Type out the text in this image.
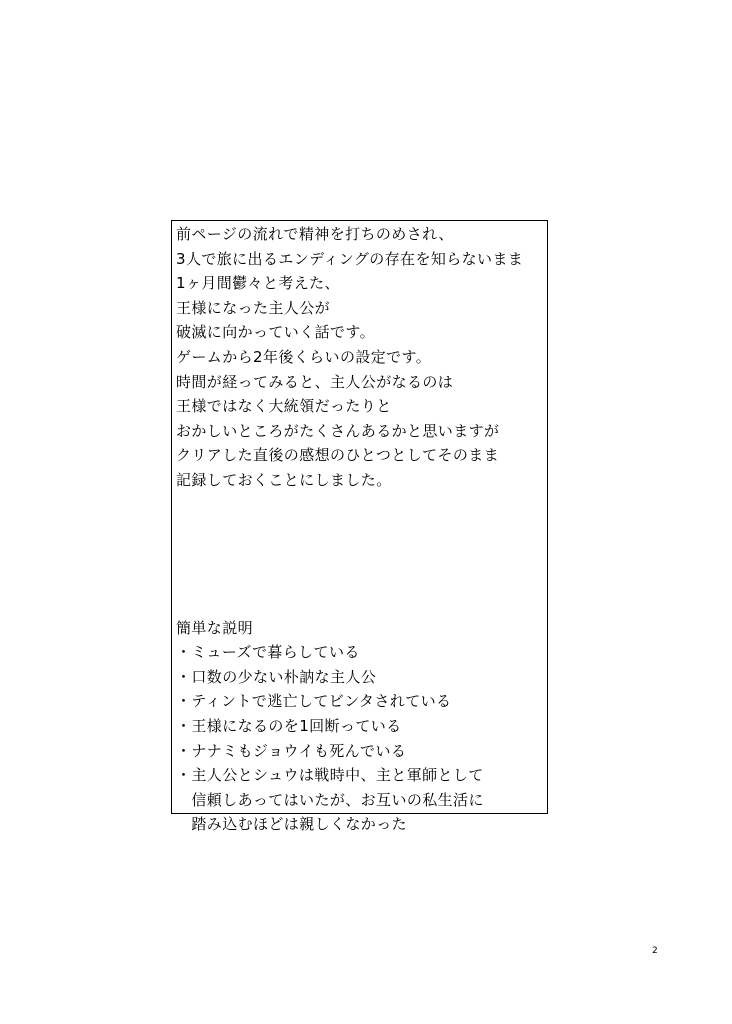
前ページの流れで精神を打ちのめされ、
3人で旅に出るエンディングの存在を知らないまま
1ヶ月間鬱々と考えた、
王様になった主人公が
破滅に向かっていく話です。
ゲームから2年後くらいの設定です。
時間が経ってみると、主人公がなるのは
王様ではなく大統領だったりと
おかしいところがたくさんあるかと思いますが
クリアした直後の感想のひとつとしてそのまま
記録しておくことにしました。
簡単な説明
・ミューズで暮らしている
・口数の少ない朴訥な主人公
・ティントで逃亡してビンタされている
・王様になるのを1回断っている
・ナナミもジョウイも死んでいる
・主人公とシュウは戦時中、主と軍師として
　信頼しあってはいたが、お互いの私生活に
　踏み込むほどは親しくなかった
2
